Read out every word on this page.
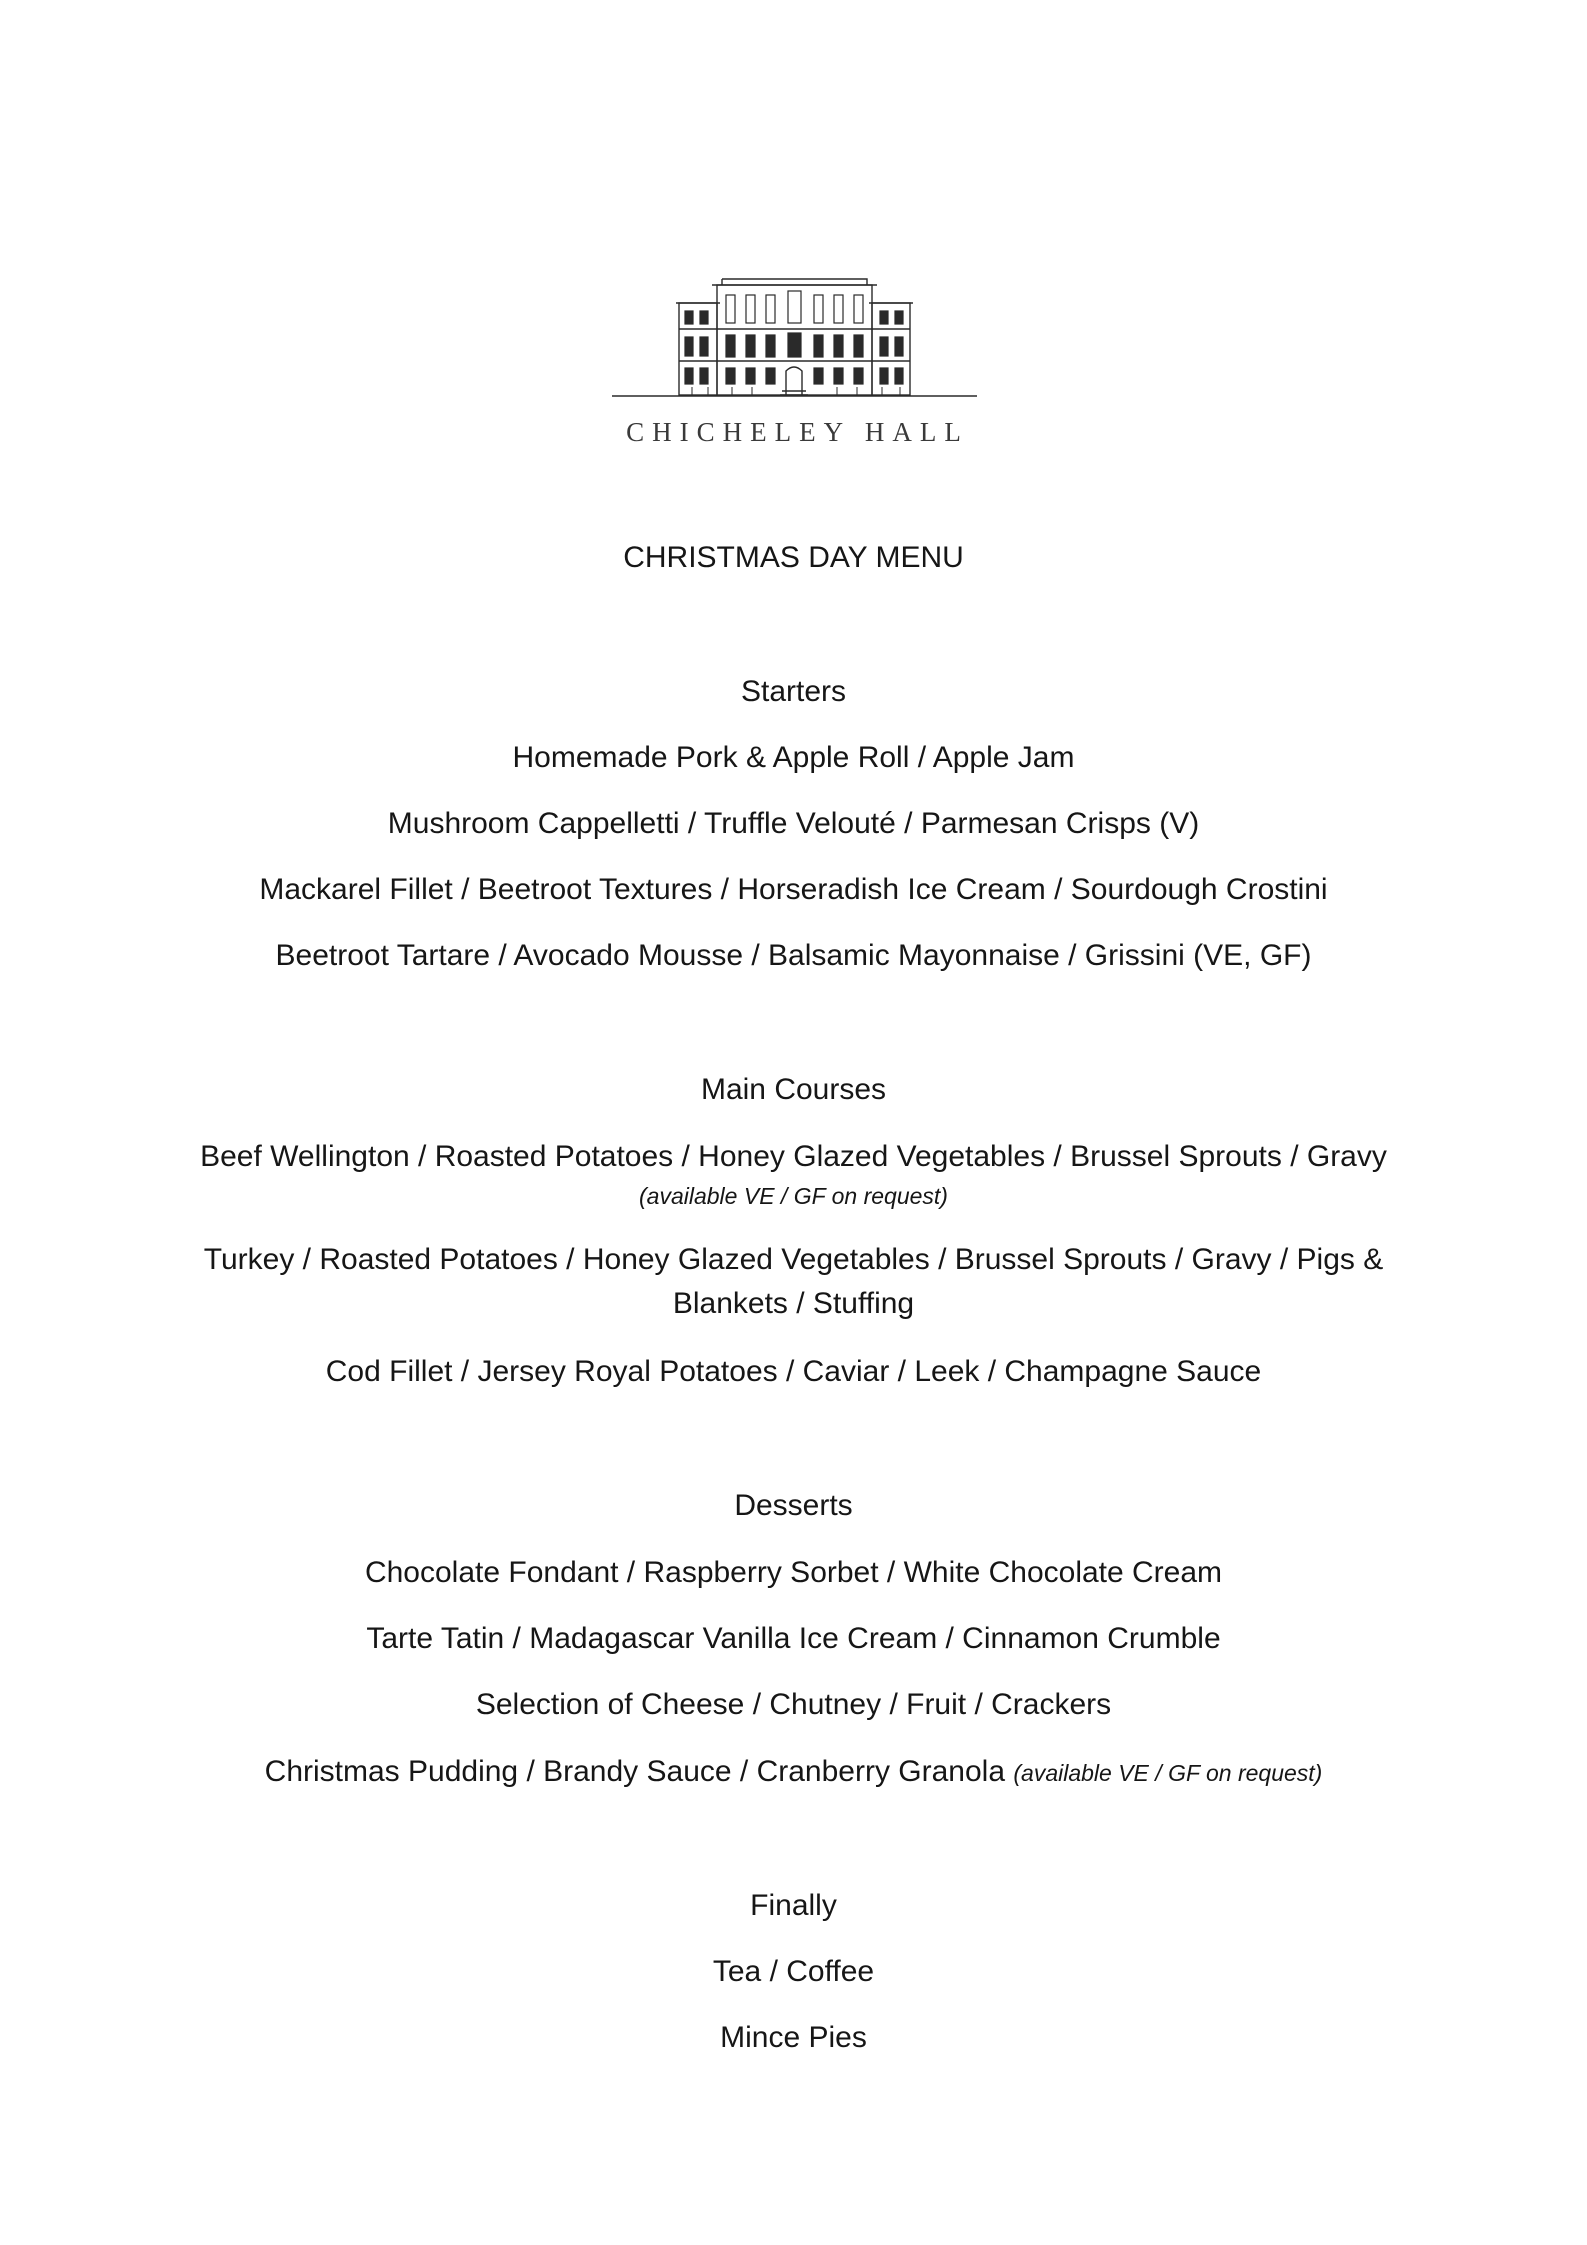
CHICHELEY HALL
CHRISTMAS DAY MENU
Starters
Homemade Pork & Apple Roll / Apple Jam
Mushroom Cappelletti / Truffle Velouté / Parmesan Crisps (V)
Mackarel Fillet / Beetroot Textures / Horseradish Ice Cream / Sourdough Crostini
Beetroot Tartare / Avocado Mousse / Balsamic Mayonnaise / Grissini (VE, GF)
Main Courses
Beef Wellington / Roasted Potatoes / Honey Glazed Vegetables / Brussel Sprouts / Gravy
(available VE / GF on request)
Turkey / Roasted Potatoes / Honey Glazed Vegetables / Brussel Sprouts / Gravy / Pigs & Blankets / Stuffing
Cod Fillet / Jersey Royal Potatoes / Caviar / Leek / Champagne Sauce
Desserts
Chocolate Fondant / Raspberry Sorbet / White Chocolate Cream
Tarte Tatin / Madagascar Vanilla Ice Cream / Cinnamon Crumble
Selection of Cheese / Chutney / Fruit / Crackers
Christmas Pudding / Brandy Sauce / Cranberry Granola (available VE / GF on request)
Finally
Tea / Coffee
Mince Pies
